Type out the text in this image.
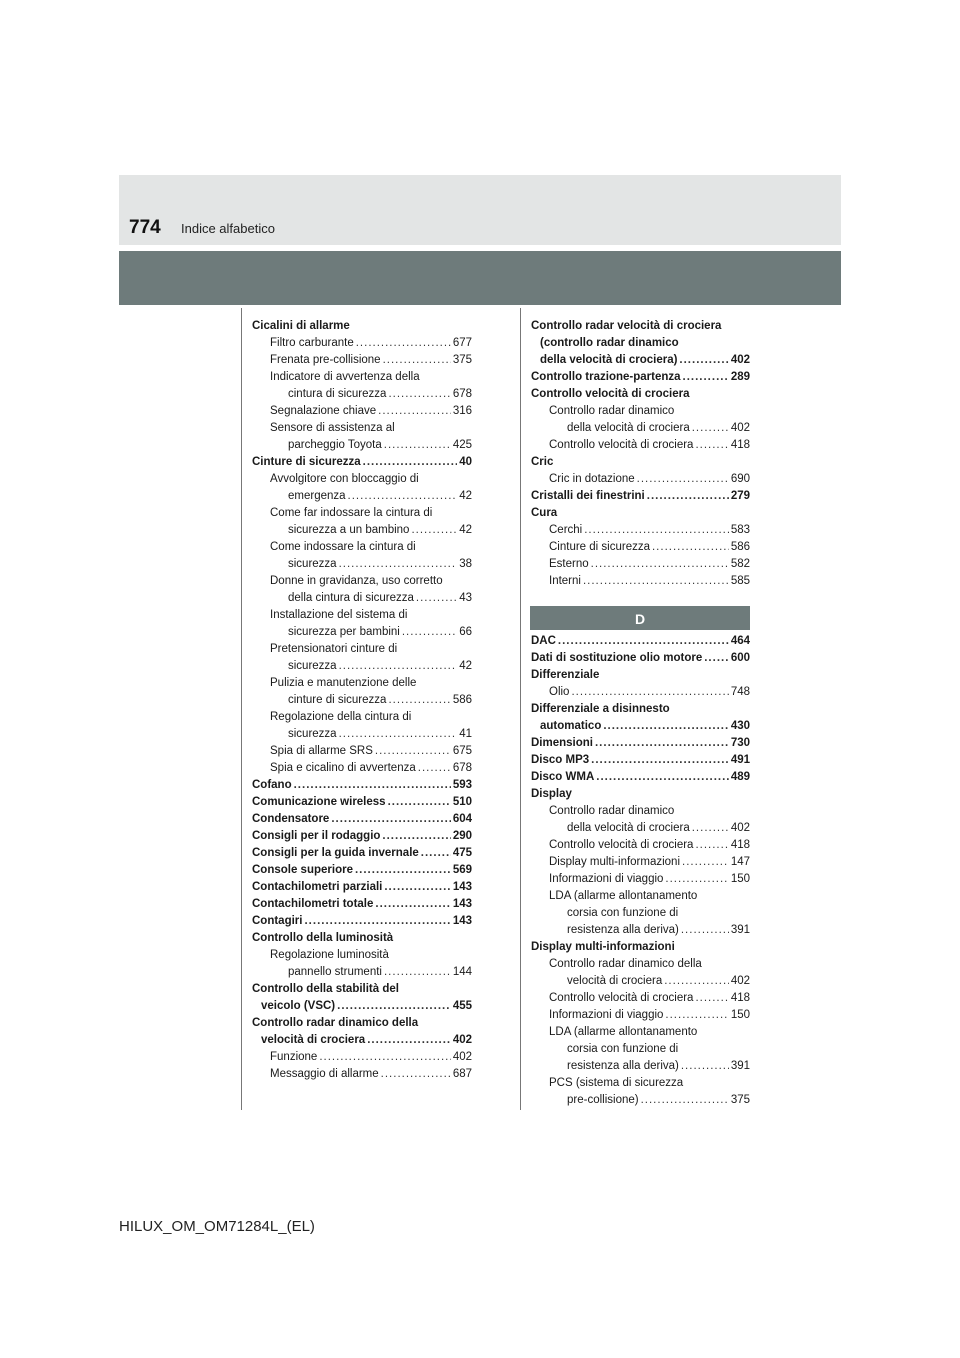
774 Indice alfabetico
Cicalini di allarme
Filtro carburante .....	677
Frenata pre-collisione .....	375
Indicatore di avvertenza della
cintura di sicurezza .....	678
Segnalazione chiave .....	316
Sensore di assistenza al
parcheggio Toyota .....	425
Cinture di sicurezza .....	40
Avvolgitore con bloccaggio di
emergenza .....	42
Come far indossare la cintura di
sicurezza a un bambino .....	42
Come indossare la cintura di
sicurezza .....	38
Donne in gravidanza, uso corretto
della cintura di sicurezza .....	43
Installazione del sistema di
sicurezza per bambini .....	66
Pretensionatori cinture di
sicurezza .....	42
Pulizia e manutenzione delle
cinture di sicurezza .....	586
Regolazione della cintura di
sicurezza .....	41
Spia di allarme SRS .....	675
Spia e cicalino di avvertenza .....	678
Cofano .....	593
Comunicazione wireless .....	510
Condensatore .....	604
Consigli per il rodaggio .....	290
Consigli per la guida invernale .....	475
Console superiore .....	569
Contachilometri parziali .....	143
Contachilometri totale .....	143
Contagiri .....	143
Controllo della luminosità
Regolazione luminosità
pannello strumenti .....	144
Controllo della stabilità del
veicolo (VSC) .....	455
Controllo radar dinamico della
velocità di crociera .....	402
Funzione .....	402
Messaggio di allarme .....	687
Controllo radar velocità di crociera
(controllo radar dinamico
della velocità di crociera) .....	402
Controllo trazione-partenza .....	289
Controllo velocità di crociera
Controllo radar dinamico
della velocità di crociera .....	402
Controllo velocità di crociera .....	418
Cric
Cric in dotazione .....	690
Cristalli dei finestrini .....	279
Cura
Cerchi .....	583
Cinture di sicurezza .....	586
Esterno .....	582
Interni .....	585
D
DAC .....	464
Dati di sostituzione olio motore ..... 600
Differenziale
Olio .....	748
Differenziale a disinnesto
automatico .....	430
Dimensioni .....	730
Disco MP3 .....	491
Disco WMA .....	489
Display
Controllo radar dinamico
della velocità di crociera .....	402
Controllo velocità di crociera .....	418
Display multi-informazioni .....	147
Informazioni di viaggio .....	150
LDA (allarme allontanamento
corsia con funzione di
resistenza alla deriva) .....	391
Display multi-informazioni
Controllo radar dinamico della
velocità di crociera .....	402
Controllo velocità di crociera .....	418
Informazioni di viaggio .....	150
LDA (allarme allontanamento
corsia con funzione di
resistenza alla deriva) .....	391
PCS (sistema di sicurezza
pre-collisione) .....	375
HILUX_OM_OM71284L_(EL)
